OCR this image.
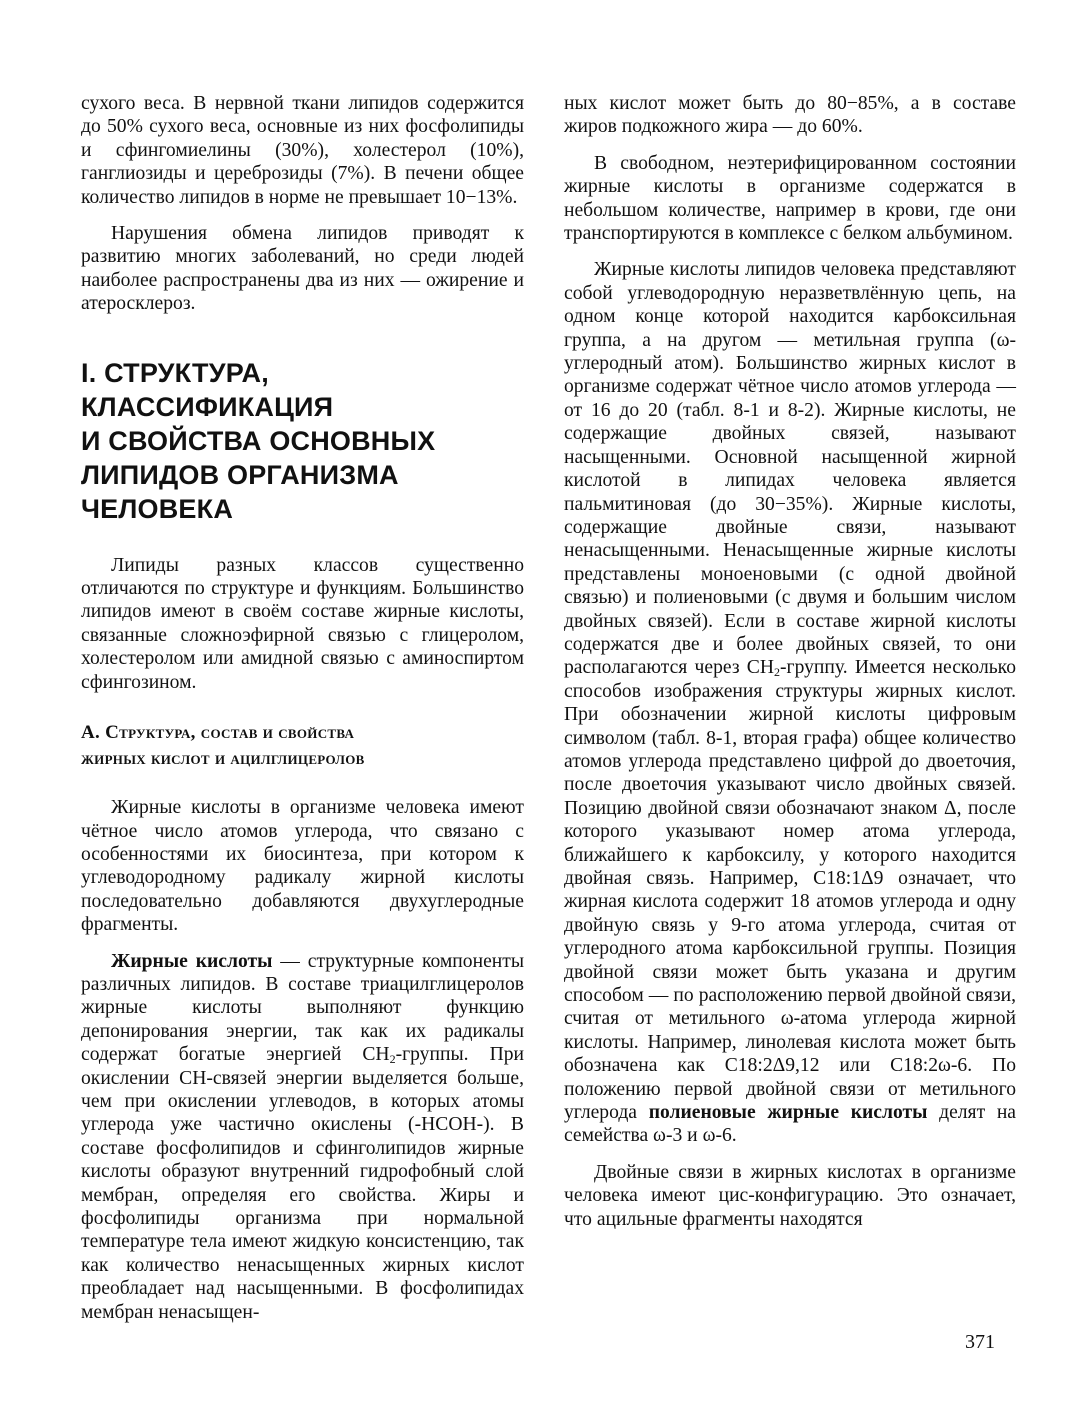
сухого веса. В нервной ткани липидов содержится до 50% сухого веса, основные из них фосфолипиды и сфингомиелины (30%), холестерол (10%), ганглиозиды и цереброзиды (7%). В печени общее количество липидов в норме не превышает 10−13%.

Нарушения обмена липидов приводят к развитию многих заболеваний, но среди людей наиболее распространены два из них — ожирение и атеросклероз.

I. СТРУКТУРА,
КЛАССИФИКАЦИЯ
И СВОЙСТВА ОСНОВНЫХ
ЛИПИДОВ ОРГАНИЗМА
ЧЕЛОВЕКА

Липиды разных классов существенно отличаются по структуре и функциям. Большинство липидов имеют в своём составе жирные кислоты, связанные сложноэфирной связью с глицеролом, холестеролом или амидной связью с аминоспиртом сфингозином.

А. Структура, состав и свойства
жирных кислот и ацилглицеролов

Жирные кислоты в организме человека имеют чётное число атомов углерода, что связано с особенностями их биосинтеза, при котором к углеводородному радикалу жирной кислоты последовательно добавляются двухуглеродные фрагменты.

Жирные кислоты — структурные компоненты различных липидов. В составе триацилглицеролов жирные кислоты выполняют функцию депонирования энергии, так как их радикалы содержат богатые энергией $CH_2$-группы. При окислении CH-связей энергии выделяется больше, чем при окислении углеводов, в которых атомы углерода уже частично окислены (-HCOH-). В составе фосфолипидов и сфинголипидов жирные кислоты образуют внутренний гидрофобный слой мембран, определяя его свойства. Жиры и фосфолипиды организма при нормальной температуре тела имеют жидкую консистенцию, так как количество ненасыщенных жирных кислот преобладает над насыщенными. В фосфолипидах мембран ненасыщен-

ных кислот может быть до 80−85%, а в составе жиров подкожного жира — до 60%.

В свободном, неэтерифицированном состоянии жирные кислоты в организме содержатся в небольшом количестве, например в крови, где они транспортируются в комплексе с белком альбумином.

Жирные кислоты липидов человека представляют собой углеводородную неразветвлённую цепь, на одном конце которой находится карбоксильная группа, а на другом — метильная группа (ω-углеродный атом). Большинство жирных кислот в организме содержат чётное число атомов углерода — от 16 до 20 (табл. 8-1 и 8-2). Жирные кислоты, не содержащие двойных связей, называют насыщенными. Основной насыщенной жирной кислотой в липидах человека является пальмитиновая (до 30−35%). Жирные кислоты, содержащие двойные связи, называют ненасыщенными. Ненасыщенные жирные кислоты представлены моноеновыми (с одной двойной связью) и полиеновыми (с двумя и большим числом двойных связей). Если в составе жирной кислоты содержатся две и более двойных связей, то они располагаются через $CH_2$-группу. Имеется несколько способов изображения структуры жирных кислот. При обозначении жирной кислоты цифровым символом (табл. 8-1, вторая графа) общее количество атомов углерода представлено цифрой до двоеточия, после двоеточия указывают число двойных связей. Позицию двойной связи обозначают знаком Δ, после которого указывают номер атома углерода, ближайшего к карбоксилу, у которого находится двойная связь. Например, C18:1Δ9 означает, что жирная кислота содержит 18 атомов углерода и одну двойную связь у 9-го атома углерода, считая от углеродного атома карбоксильной группы. Позиция двойной связи может быть указана и другим способом — по расположению первой двойной связи, считая от метильного ω-атома углерода жирной кислоты. Например, линолевая кислота может быть обозначена как C18:2Δ9,12 или C18:2ω-6. По положению первой двойной связи от метильного углерода полиеновые жирные кислоты делят на семейства ω-3 и ω-6.

Двойные связи в жирных кислотах в организме человека имеют цис-конфигурацию. Это означает, что ацильные фрагменты находятся

371
